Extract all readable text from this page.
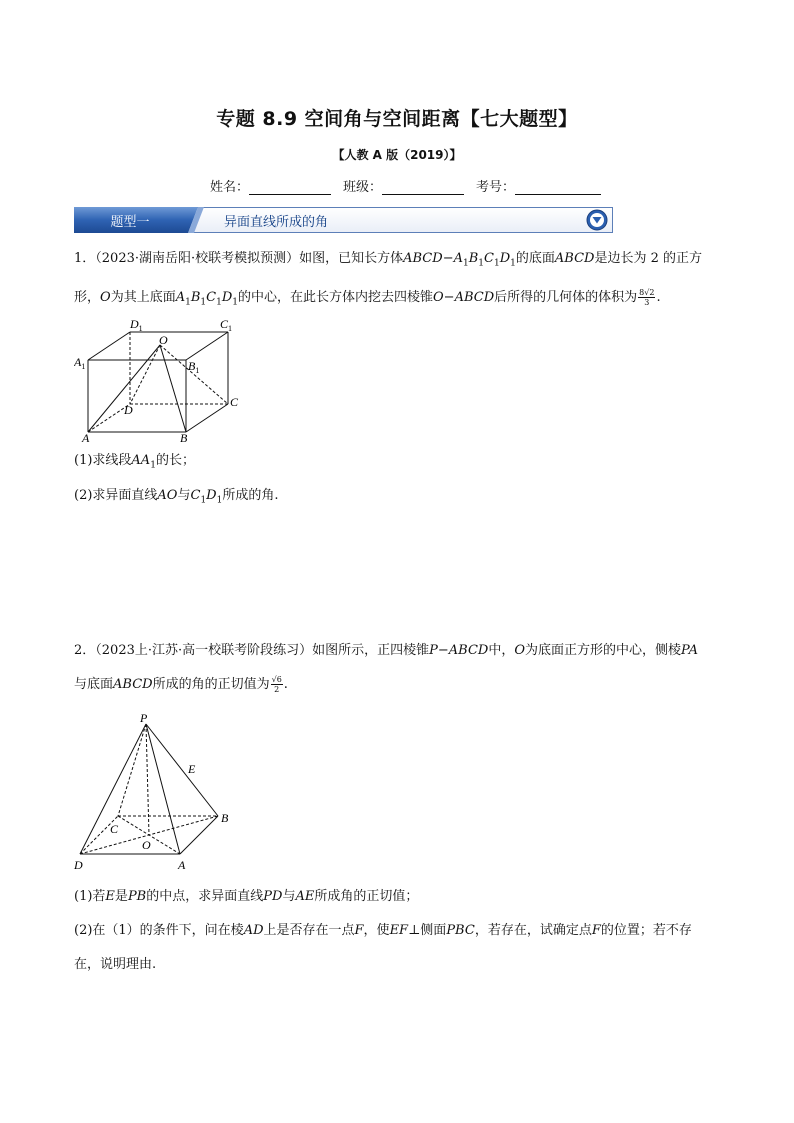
专题 8.9 空间角与空间距离【七大题型】
【人教 A 版（2019）】
姓名：	班级：	考号：
题型一	异面直线所成的角
1．（2023·湖南岳阳·校联考模拟预测）如图，已知长方体$ABCD-A_1B_1C_1D_1$的底面ABCD是边长为 2 的正方
形，O为其上底面$A_1B_1C_1D_1$的中心，在此长方体内挖去四棱锥O−ABCD后所得的几何体的体积为 $\frac{8√2}{3}$ .
A	B
C
D
O
$A_1$	$B_1$
$C_1$
$D_1$
(1)求线段$AA_1$的长；
(2)求异面直线AO与$C_1D_1$所成的角.
2．（2023上·江苏·高一校联考阶段练习）如图所示，正四棱锥P−ABCD中，O为底面正方形的中心，侧棱PA
与底面ABCD所成的角的正切值为 $\frac{√6}{2}$ .
P
E
B
C
O
D	A
(1)若E是PB的中点，求异面直线PD与AE所成角的正切值；
(2)在（1）的条件下，问在棱AD上是否存在一点F，使EF⊥侧面PBC，若存在，试确定点F的位置；若不存
在，说明理由.
